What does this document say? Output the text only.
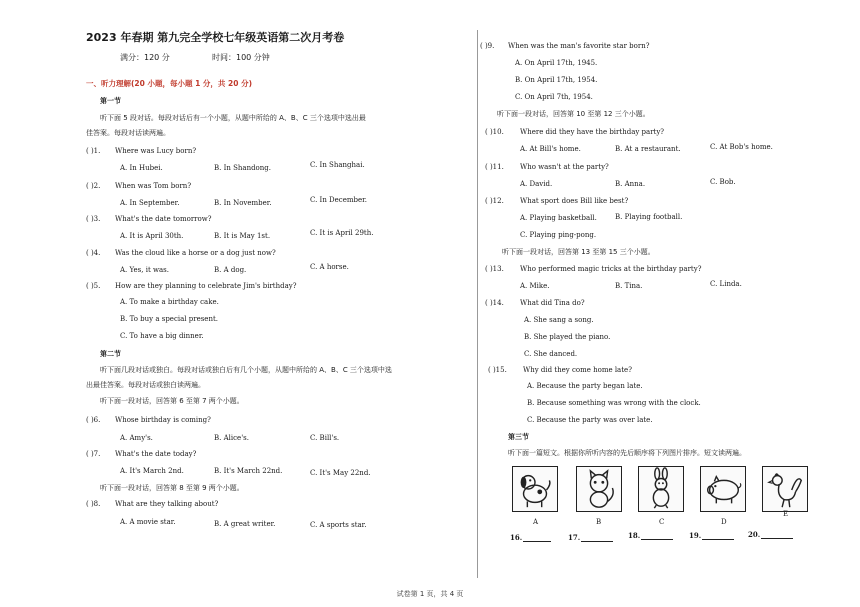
2023 年春期 第九完全学校七年级英语第二次月考卷
满分：120 分	时间：100 分钟
一、听力理解(20 小题，每小题 1 分，共 20 分)
第一节
听下面 5 段对话。每段对话后有一个小题，从题中所给的 A、B、C 三个选项中选出最
佳答案。每段对话读两遍。
( )1. Where was Lucy born?
A. In Hubei.	B. In Shandong.	C. In Shanghai.
( )2. When was Tom born?
A. In September.	B. In November.	C. In December.
( )3. What's the date tomorrow?
A. It is April 30th.	B. It is May 1st.	C. It is April 29th.
( )4. Was the cloud like a horse or a dog just now?
A. Yes, it was.	B. A dog.	C. A horse.
( )5. How are they planning to celebrate Jim's birthday?
A. To make a birthday cake.
B. To buy a special present.
C. To have a big dinner.
第二节
听下面几段对话或独白。每段对话或独白后有几个小题，从题中所给的 A、B、C 三个选项中选
出最佳答案。每段对话或独白读两遍。
听下面一段对话，回答第 6 至第 7 两个小题。
( )6. Whose birthday is coming?
A. Amy's.	B. Alice's.	C. Bill's.
( )7. What's the date today?
A. It's March 2nd.	B. It's March 22nd.	C. It's May 22nd.
听下面一段对话，回答第 8 至第 9 两个小题。
( )8. What are they talking about?
A. A movie star.	B. A great writer.	C. A sports star.
( )9. When was the man's favorite star born?
A. On April 17th, 1945.
B. On April 17th, 1954.
C. On April 7th, 1954.
听下面一段对话，回答第 10 至第 12 三个小题。
( )10. Where did they have the birthday party?
A. At Bill's home.	B. At a restaurant.	C. At Bob's home.
( )11. Who wasn't at the party?
A. David.	B. Anna.	C. Bob.
( )12. What sport does Bill like best?
A. Playing basketball.	B. Playing football.
C. Playing ping-pong.
听下面一段对话，回答第 13 至第 15 三个小题。
( )13. Who performed magic tricks at the birthday party?
A. Mike.	B. Tina.	C. Linda.
( )14. What did Tina do?
A. She sang a song.
B. She played the piano.
C. She danced.
( )15. Why did they come home late?
A. Because the party began late.
B. Because something was wrong with the clock.
C. Because the party was over late.
第三节
听下面一篇短文。根据你所听内容的先后顺序将下列图片排序。短文读两遍。
A	B	C	D
E
16.	17.	18.	19.	20.
试卷第 1 页，共 4 页
